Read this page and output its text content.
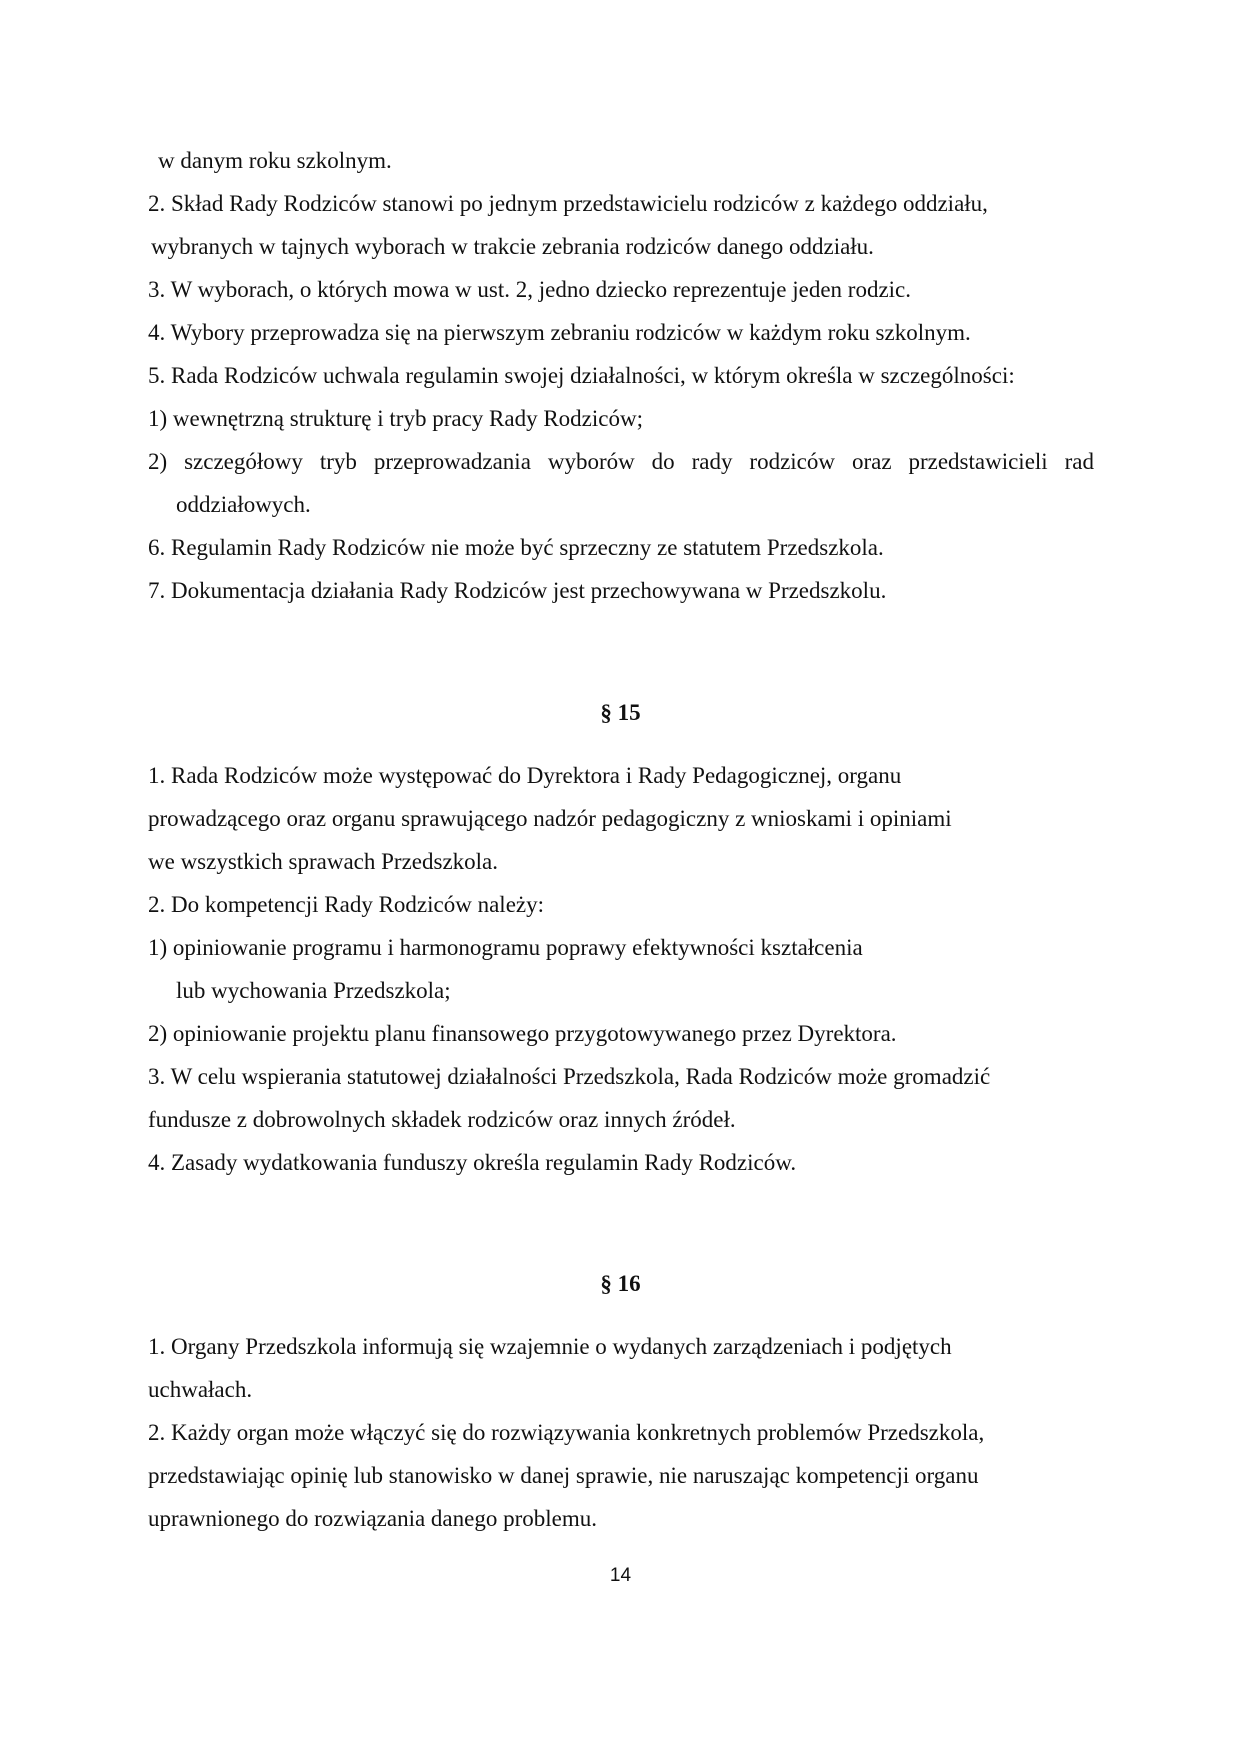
w danym roku szkolnym.
2. Skład Rady Rodziców stanowi po jednym przedstawicielu rodziców z każdego oddziału,
wybranych w tajnych wyborach w trakcie zebrania rodziców danego oddziału.
3. W wyborach, o których mowa w ust. 2, jedno dziecko reprezentuje jeden rodzic.
4. Wybory przeprowadza się na pierwszym zebraniu rodziców w każdym roku szkolnym.
5. Rada Rodziców uchwala regulamin swojej działalności, w którym określa w szczególności:
1) wewnętrzną strukturę i tryb pracy Rady Rodziców;
2) szczegółowy tryb przeprowadzania wyborów do rady rodziców oraz przedstawicieli rad
oddziałowych.
6. Regulamin Rady Rodziców nie może być sprzeczny ze statutem Przedszkola.
7. Dokumentacja działania Rady Rodziców jest przechowywana w Przedszkolu.
§ 15
1. Rada Rodziców może występować do Dyrektora i Rady Pedagogicznej, organu
prowadzącego oraz organu sprawującego nadzór pedagogiczny z wnioskami i opiniami
we wszystkich sprawach Przedszkola.
2. Do kompetencji Rady Rodziców należy:
1) opiniowanie programu i harmonogramu poprawy efektywności kształcenia
lub wychowania Przedszkola;
2) opiniowanie projektu planu finansowego przygotowywanego przez Dyrektora.
3. W celu wspierania statutowej działalności Przedszkola, Rada Rodziców może gromadzić
fundusze z dobrowolnych składek rodziców oraz innych źródeł.
4. Zasady wydatkowania funduszy określa regulamin Rady Rodziców.
§ 16
1. Organy Przedszkola informują się wzajemnie o wydanych zarządzeniach i podjętych
uchwałach.
2. Każdy organ może włączyć się do rozwiązywania konkretnych problemów Przedszkola,
przedstawiając opinię lub stanowisko w danej sprawie, nie naruszając kompetencji organu
uprawnionego do rozwiązania danego problemu.
14
